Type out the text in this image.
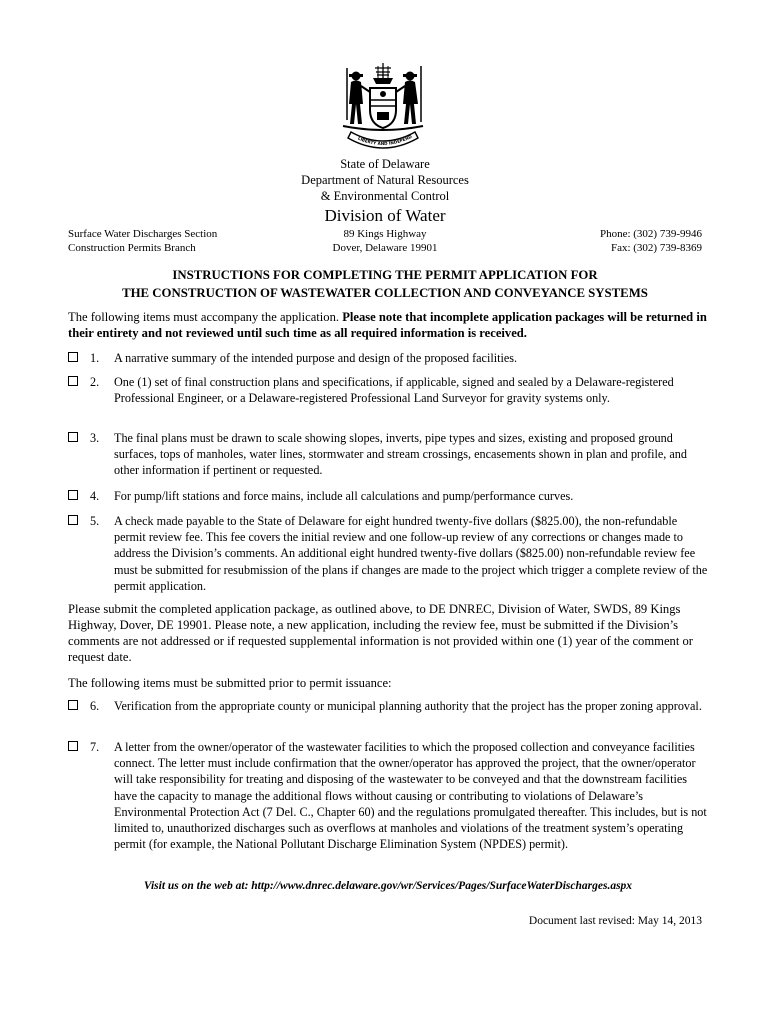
LIBERTY AND INDEPEND
State of Delaware
Department of Natural Resources
& Environmental Control
Division of Water
Surface Water Discharges Section
Construction Permits Branch
89 Kings Highway
Dover, Delaware 19901
Phone: (302) 739-9946
Fax: (302) 739-8369
INSTRUCTIONS FOR COMPLETING THE PERMIT APPLICATION FOR
THE CONSTRUCTION OF WASTEWATER COLLECTION AND CONVEYANCE SYSTEMS
The following items must accompany the application. Please note that incomplete application packages will be returned in their entirety and not reviewed until such time as all required information is received.
1. A narrative summary of the intended purpose and design of the proposed facilities.
2. One (1) set of final construction plans and specifications, if applicable, signed and sealed by a Delaware-registered Professional Engineer, or a Delaware-registered Professional Land Surveyor for gravity systems only.
3. The final plans must be drawn to scale showing slopes, inverts, pipe types and sizes, existing and proposed ground surfaces, tops of manholes, water lines, stormwater and stream crossings, encasements shown in plan and profile, and other information if pertinent or requested.
4. For pump/lift stations and force mains, include all calculations and pump/performance curves.
5. A check made payable to the State of Delaware for eight hundred twenty-five dollars ($825.00), the non-refundable permit review fee. This fee covers the initial review and one follow-up review of any corrections or changes made to address the Division’s comments. An additional eight hundred twenty-five dollars ($825.00) non-refundable review fee must be submitted for resubmission of the plans if changes are made to the project which trigger a complete review of the permit application.
Please submit the completed application package, as outlined above, to DE DNREC, Division of Water, SWDS, 89 Kings Highway, Dover, DE 19901. Please note, a new application, including the review fee, must be submitted if the Division’s comments are not addressed or if requested supplemental information is not provided within one (1) year of the comment or request date.
The following items must be submitted prior to permit issuance:
6. Verification from the appropriate county or municipal planning authority that the project has the proper zoning approval.
7. A letter from the owner/operator of the wastewater facilities to which the proposed collection and conveyance facilities connect. The letter must include confirmation that the owner/operator has approved the project, that the owner/operator will take responsibility for treating and disposing of the wastewater to be conveyed and that the downstream facilities have the capacity to manage the additional flows without causing or contributing to violations of Delaware’s Environmental Protection Act (7 Del. C., Chapter 60) and the regulations promulgated thereafter. This includes, but is not limited to, unauthorized discharges such as overflows at manholes and violations of the treatment system’s operating permit (for example, the National Pollutant Discharge Elimination System (NPDES) permit).
Visit us on the web at: http://www.dnrec.delaware.gov/wr/Services/Pages/SurfaceWaterDischarges.aspx
Document last revised: May 14, 2013
